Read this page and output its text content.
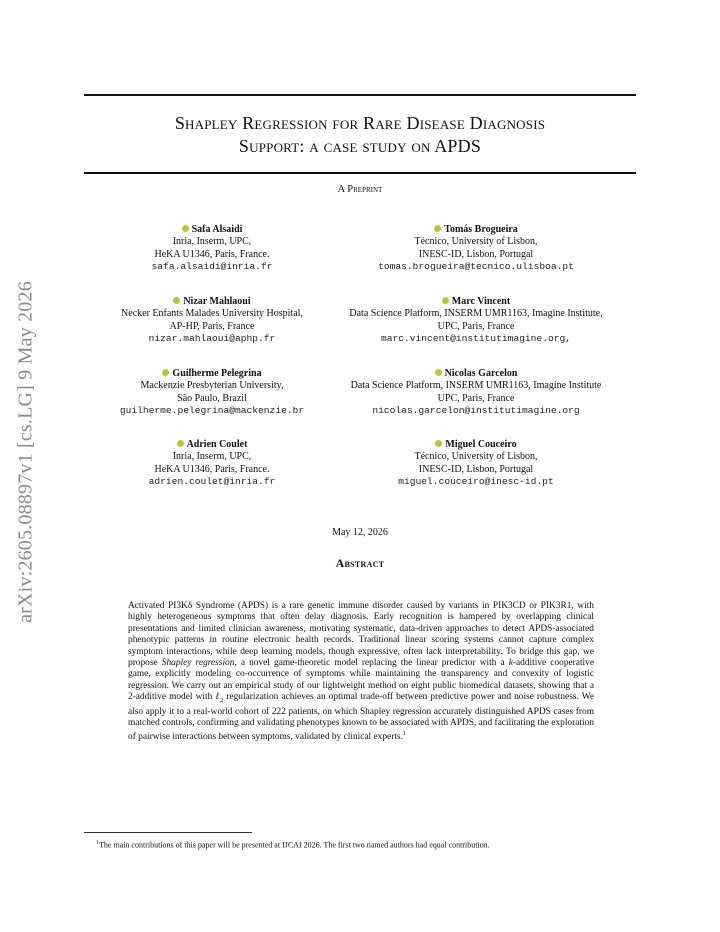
arXiv:2605.08897v1 [cs.LG] 9 May 2026
Shapley Regression for Rare Disease Diagnosis
Support: a case study on APDS
A Preprint
Safa Alsaidi
Inria, Inserm, UPC,
HeKA U1346, Paris, France.
safa.alsaidi@inria.fr
Tomás Brogueira
Técnico, University of Lisbon,
INESC-ID, Lisbon, Portugal
tomas.brogueira@tecnico.ulisboa.pt
Nizar Mahlaoui
Necker Enfants Malades University Hospital,
AP-HP, Paris, France
nizar.mahlaoui@aphp.fr
Marc Vincent
Data Science Platform, INSERM UMR1163, Imagine Institute,
UPC, Paris, France
marc.vincent@institutimagine.org,
Guilherme Pelegrina
Mackenzie Presbyterian University,
São Paulo, Brazil
guilherme.pelegrina@mackenzie.br
Nicolas Garcelon
Data Science Platform, INSERM UMR1163, Imagine Institute
UPC, Paris, France
nicolas.garcelon@institutimagine.org
Adrien Coulet
Inria, Inserm, UPC,
HeKA U1346, Paris, France.
adrien.coulet@inria.fr
Miguel Couceiro
Técnico, University of Lisbon,
INESC-ID, Lisbon, Portugal
miguel.couceiro@inesc-id.pt
May 12, 2026
Abstract
Activated PI3Kδ Syndrome (APDS) is a rare genetic immune disorder caused by variants in PIK3CD or PIK3R1, with highly heterogeneous symptoms that often delay diagnosis. Early recognition is hampered by overlapping clinical presentations and limited clinician awareness, motivating systematic, data-driven approaches to detect APDS-associated phenotypic patterns in routine electronic health records. Traditional linear scoring systems cannot capture complex symptom interactions, while deep learning models, though expressive, often lack interpretability. To bridge this gap, we propose Shapley regression, a novel game-theoretic model replacing the linear predictor with a k-additive cooperative game, explicitly modeling co-occurrence of symptoms while maintaining the transparency and convexity of logistic regression. We carry out an empirical study of our lightweight method on eight public biomedical datasets, showing that a 2-additive model with ℓ$_2$ regularization achieves an optimal trade-off between predictive power and noise robustness. We also apply it to a real-world cohort of 222 patients, on which Shapley regression accurately distinguished APDS cases from matched controls, confirming and validating phenotypes known to be associated with APDS, and facilitating the exploration of pairwise interactions between symptoms, validated by clinical experts.$^1$
$^1$The main contributions of this paper will be presented at IJCAI 2026. The first two named authors had equal contribution.
